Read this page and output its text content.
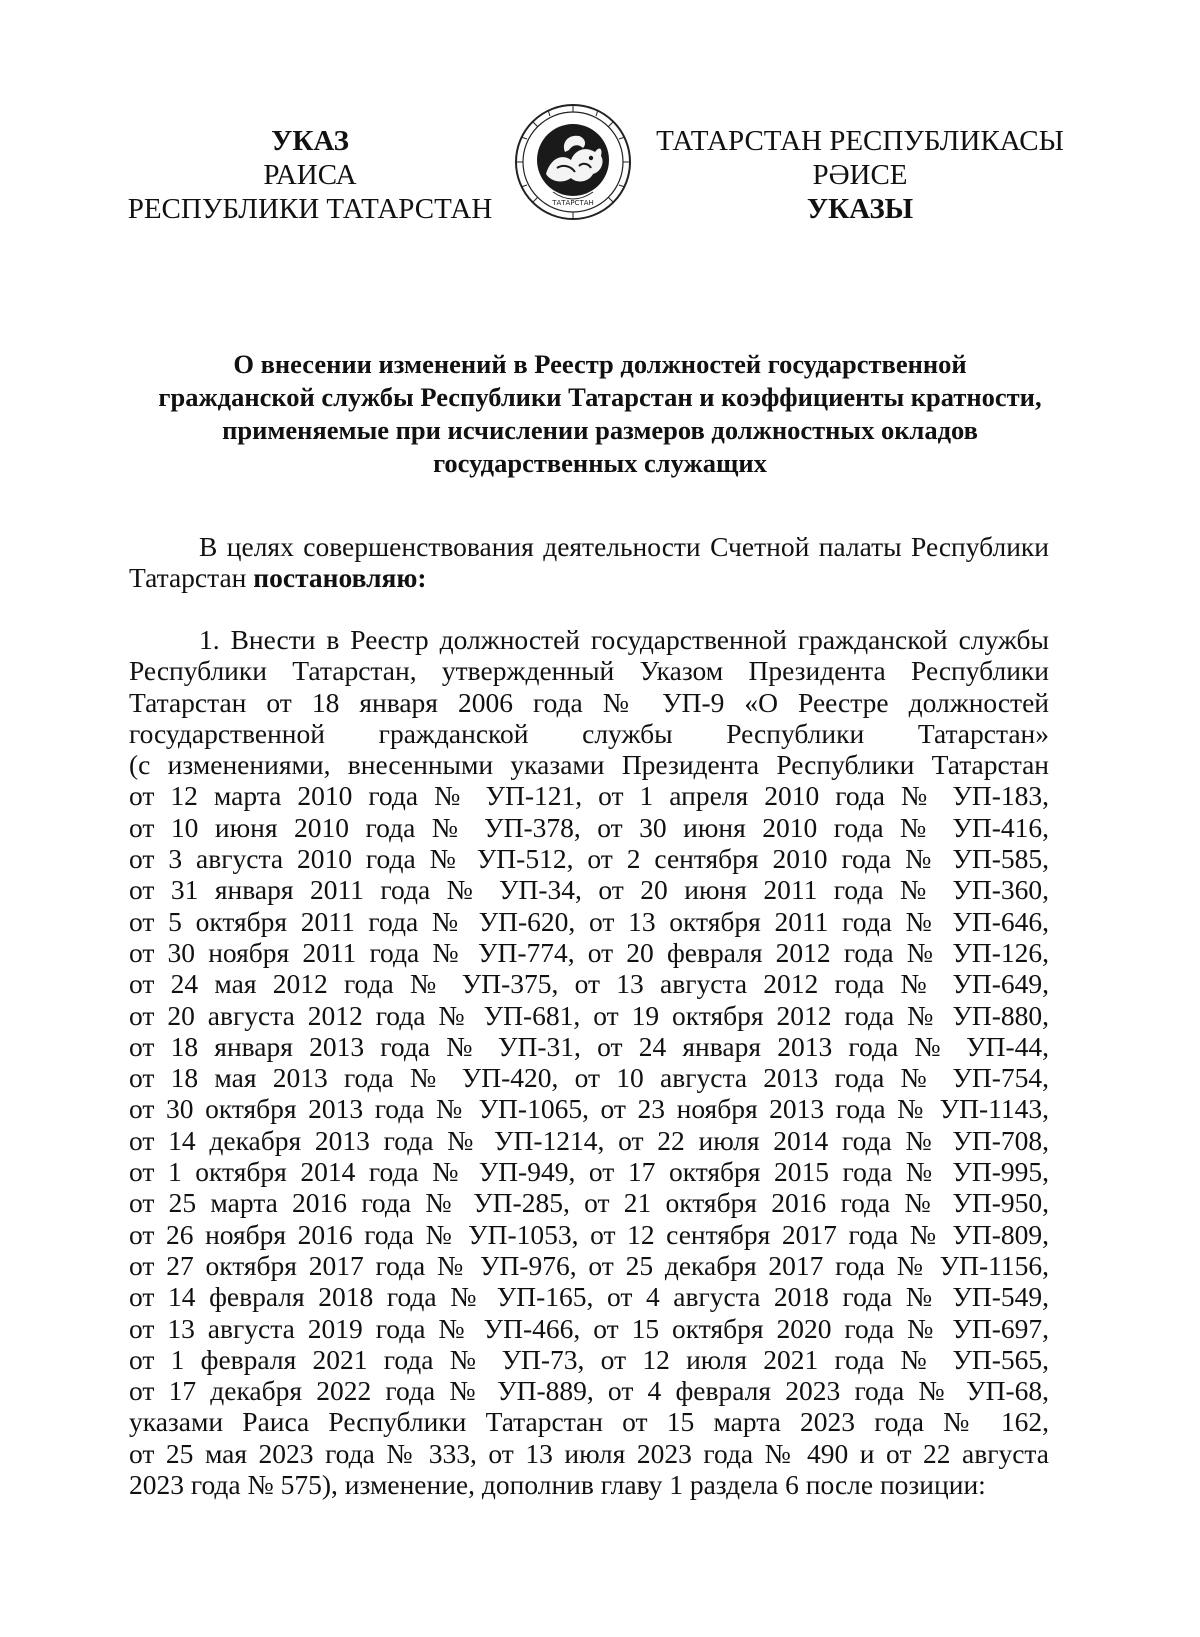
УКАЗ
РАИСА
РЕСПУБЛИКИ ТАТАРСТАН	ТАТАРСТАН
ТАТАРСТАН РЕСПУБЛИКАСЫ
РӘИСЕ
УКАЗЫ
О внесении изменений в Реестр должностей государственной
гражданской службы Республики Татарстан и коэффициенты кратности,
применяемые при исчислении размеров должностных окладов
государственных служащих
В целях совершенствования деятельности Счетной палаты Республики
Татарстан постановляю:
1. Внести в Реестр должностей государственной гражданской службы
Республики Татарстан, утвержденный Указом Президента Республики
Татарстан от 18 января 2006 года № УП-9 «О Реестре должностей
государственной гражданской службы Республики Татарстан»
(с изменениями, внесенными указами Президента Республики Татарстан
от 12 марта 2010 года № УП-121, от 1 апреля 2010 года № УП-183,
от 10 июня 2010 года № УП-378, от 30 июня 2010 года № УП-416,
от 3 августа 2010 года № УП-512, от 2 сентября 2010 года № УП-585,
от 31 января 2011 года № УП-34, от 20 июня 2011 года № УП-360,
от 5 октября 2011 года № УП-620, от 13 октября 2011 года № УП-646,
от 30 ноября 2011 года № УП-774, от 20 февраля 2012 года № УП-126,
от 24 мая 2012 года № УП-375, от 13 августа 2012 года № УП-649,
от 20 августа 2012 года № УП-681, от 19 октября 2012 года № УП-880,
от 18 января 2013 года № УП-31, от 24 января 2013 года № УП-44,
от 18 мая 2013 года № УП-420, от 10 августа 2013 года № УП-754,
от 30 октября 2013 года № УП-1065, от 23 ноября 2013 года № УП-1143,
от 14 декабря 2013 года № УП-1214, от 22 июля 2014 года № УП-708,
от 1 октября 2014 года № УП-949, от 17 октября 2015 года № УП-995,
от 25 марта 2016 года № УП-285, от 21 октября 2016 года № УП-950,
от 26 ноября 2016 года № УП-1053, от 12 сентября 2017 года № УП-809,
от 27 октября 2017 года № УП-976, от 25 декабря 2017 года № УП-1156,
от 14 февраля 2018 года № УП-165, от 4 августа 2018 года № УП-549,
от 13 августа 2019 года № УП-466, от 15 октября 2020 года № УП-697,
от 1 февраля 2021 года № УП-73, от 12 июля 2021 года № УП-565,
от 17 декабря 2022 года № УП-889, от 4 февраля 2023 года № УП-68,
указами Раиса Республики Татарстан от 15 марта 2023 года № 162,
от 25 мая 2023 года № 333, от 13 июля 2023 года № 490 и от 22 августа
2023 года № 575), изменение, дополнив главу 1 раздела 6 после позиции:
